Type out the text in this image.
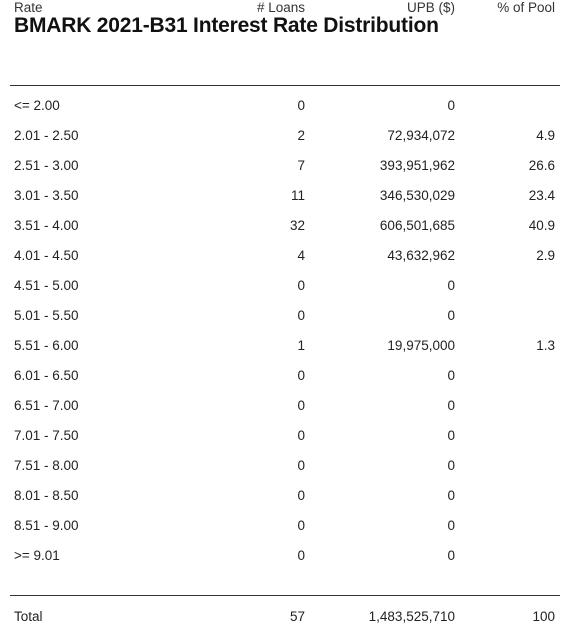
BMARK 2021-B31 Interest Rate Distribution
Rate	# Loans	UPB ($)	% of Pool
<= 2.00	0	0
2.01 - 2.50	2	72,934,072	4.9
2.51 - 3.00	7	393,951,962	26.6
3.01 - 3.50	11	346,530,029	23.4
3.51 - 4.00	32	606,501,685	40.9
4.01 - 4.50	4	43,632,962	2.9
4.51 - 5.00	0	0
5.01 - 5.50	0	0
5.51 - 6.00	1	19,975,000	1.3
6.01 - 6.50	0	0
6.51 - 7.00	0	0
7.01 - 7.50	0	0
7.51 - 8.00	0	0
8.01 - 8.50	0	0
8.51 - 9.00	0	0
>= 9.01	0	0
Total	57	1,483,525,710	100
